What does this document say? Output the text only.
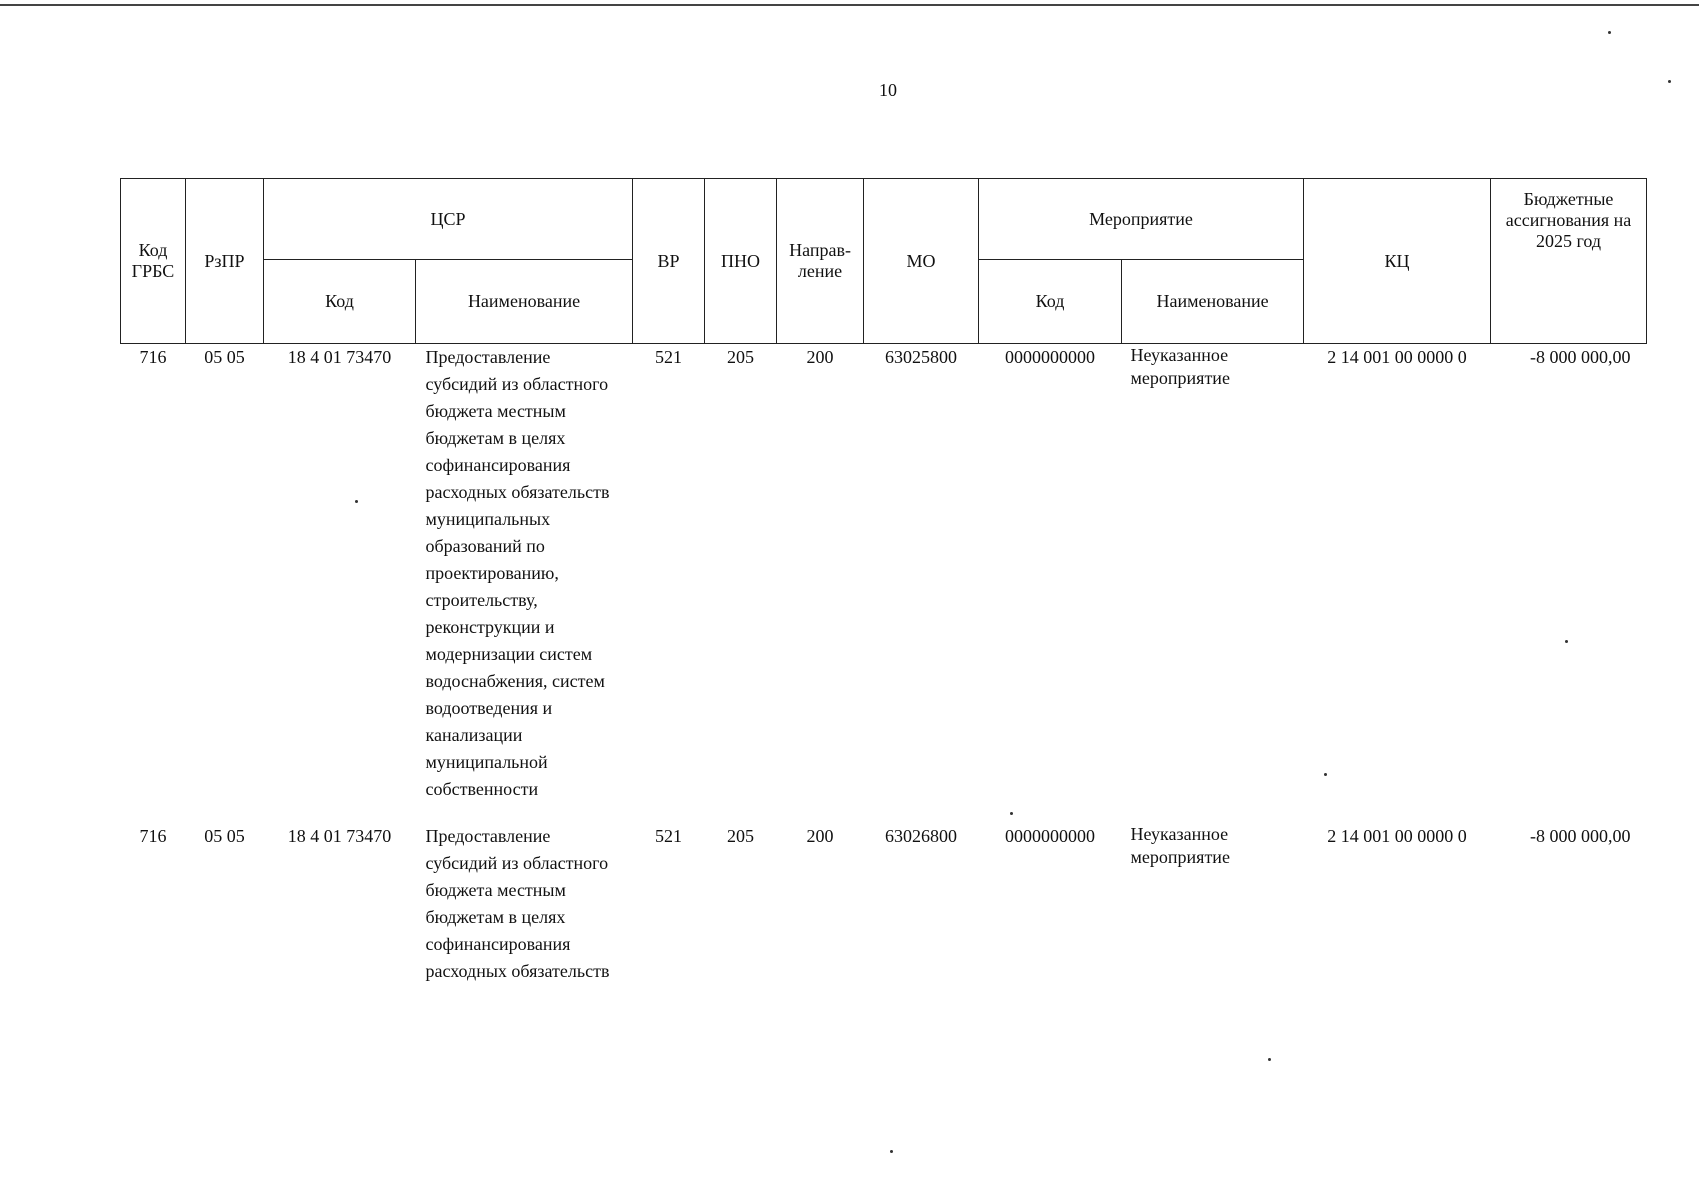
10
Код ГРБС	РзПР	ЦСР		ВР	ПНО	Направ-ление	МО	Мероприятие		КЦ	Бюджетные ассигнования на 2025 год
		Код	Наименование					Код	Наименование		
716	05 05	18 4 01 73470	Предоставление субсидий из областного бюджета местным бюджетам в целях софинансирования расходных обязательств муниципальных образований по проектированию, строительству, реконструкции и модернизации систем водоснабжения, систем водоотведения и канализации муниципальной собственности	521	205	200	63025800	0000000000	Неуказанное мероприятие	2 14 001 00 0000 0	-8 000 000,00
716	05 05	18 4 01 73470	Предоставление субсидий из областного бюджета местным бюджетам в целях софинансирования расходных обязательств	521	205	200	63026800	0000000000	Неуказанное мероприятие	2 14 001 00 0000 0	-8 000 000,00
